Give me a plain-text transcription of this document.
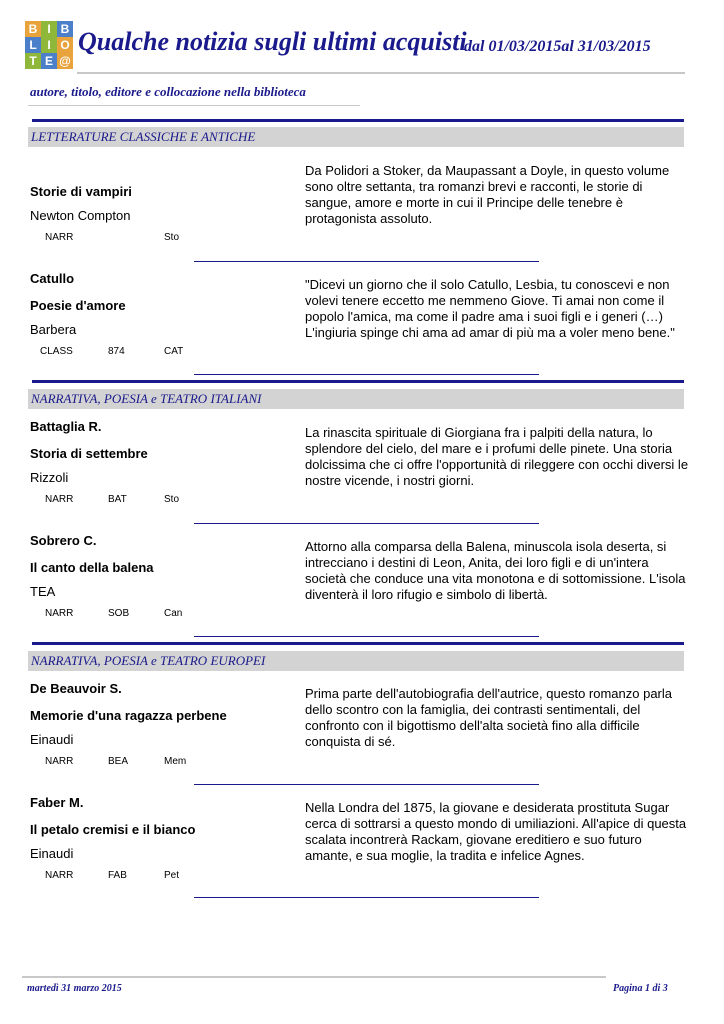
B I B
L I O
T E @
Qualche notizia sugli ultimi acquisti
dal 01/03/2015al 31/03/2015
autore, titolo, editore e collocazione nella biblioteca
LETTERATURE CLASSICHE E ANTICHE
Storie di vampiri
Newton Compton
NARR	Sto
Da Polidori a Stoker, da Maupassant a Doyle, in questo volume sono oltre settanta, tra romanzi brevi e racconti, le storie di sangue, amore e morte in cui il Principe delle tenebre è protagonista assoluto.
Catullo
Poesie d'amore
Barbera
CLASS	874	CAT
"Dicevi un giorno che il solo Catullo, Lesbia, tu conoscevi e non volevi tenere eccetto me nemmeno Giove. Ti amai non come il popolo l'amica, ma come il padre ama i suoi figli e i generi (…) L'ingiuria spinge chi ama ad amar di più ma a voler meno bene."
NARRATIVA, POESIA e TEATRO ITALIANI
Battaglia R.
Storia di settembre
Rizzoli
NARR	BAT	Sto
La rinascita spirituale di Giorgiana fra i palpiti della natura, lo splendore del cielo, del mare e i profumi delle pinete. Una storia dolcissima che ci offre l'opportunità di rileggere con occhi diversi le nostre vicende, i nostri giorni.
Sobrero C.
Il canto della balena
TEA
NARR	SOB	Can
Attorno alla comparsa della Balena, minuscola isola deserta, si intrecciano i destini di Leon, Anita, dei loro figli e di un'intera società che conduce una vita monotona e di sottomissione. L'isola diventerà il loro rifugio e simbolo di libertà.
NARRATIVA, POESIA e TEATRO EUROPEI
De Beauvoir S.
Memorie d'una ragazza perbene
Einaudi
NARR	BEA	Mem
Prima parte dell'autobiografia dell'autrice, questo romanzo parla dello scontro con la famiglia, dei contrasti sentimentali, del confronto con il bigottismo dell'alta società fino alla difficile conquista di sé.
Faber M.
Il petalo cremisi e il bianco
Einaudi
NARR	FAB	Pet
Nella Londra del 1875, la giovane e desiderata prostituta Sugar cerca di sottrarsi a questo mondo di umiliazioni. All'apice di questa scalata incontrerà Rackam, giovane ereditiero e suo futuro amante, e sua moglie, la tradita e infelice Agnes.
martedì 31 marzo 2015	Pagina 1 di 3
